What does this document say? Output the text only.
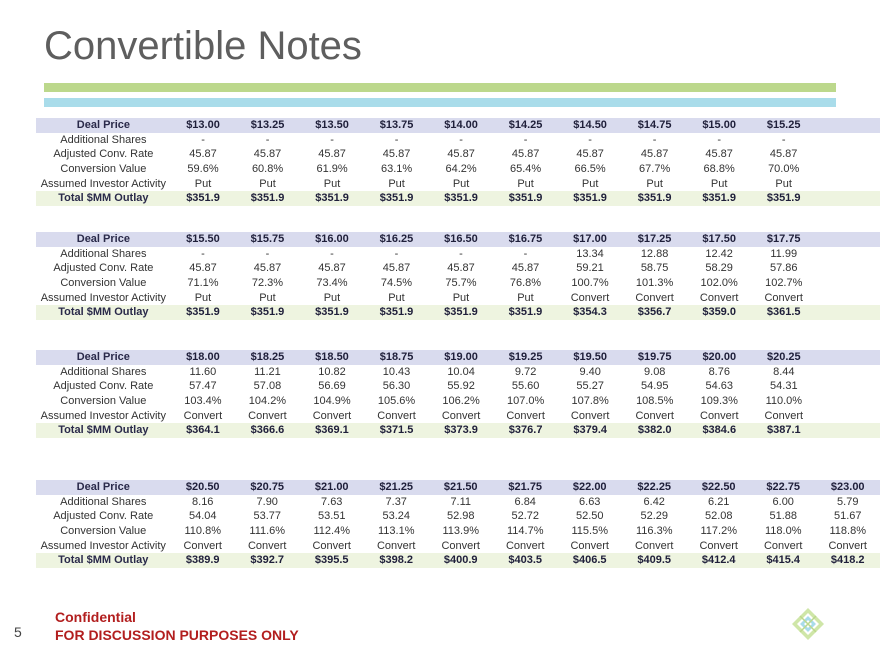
Convertible Notes
Deal Price	$13.00	$13.25	$13.50	$13.75	$14.00	$14.25	$14.50	$14.75	$15.00	$15.25	
Additional Shares	-	-	-	-	-	-	-	-	-	-	
Adjusted Conv. Rate	45.87	45.87	45.87	45.87	45.87	45.87	45.87	45.87	45.87	45.87	
Conversion Value	59.6%	60.8%	61.9%	63.1%	64.2%	65.4%	66.5%	67.7%	68.8%	70.0%	
Assumed Investor Activity	Put	Put	Put	Put	Put	Put	Put	Put	Put	Put	
Total $MM Outlay	$351.9	$351.9	$351.9	$351.9	$351.9	$351.9	$351.9	$351.9	$351.9	$351.9	
Deal Price	$15.50	$15.75	$16.00	$16.25	$16.50	$16.75	$17.00	$17.25	$17.50	$17.75	
Additional Shares	-	-	-	-	-	-	13.34	12.88	12.42	11.99	
Adjusted Conv. Rate	45.87	45.87	45.87	45.87	45.87	45.87	59.21	58.75	58.29	57.86	
Conversion Value	71.1%	72.3%	73.4%	74.5%	75.7%	76.8%	100.7%	101.3%	102.0%	102.7%	
Assumed Investor Activity	Put	Put	Put	Put	Put	Put	Convert	Convert	Convert	Convert	
Total $MM Outlay	$351.9	$351.9	$351.9	$351.9	$351.9	$351.9	$354.3	$356.7	$359.0	$361.5	
Deal Price	$18.00	$18.25	$18.50	$18.75	$19.00	$19.25	$19.50	$19.75	$20.00	$20.25	
Additional Shares	11.60	11.21	10.82	10.43	10.04	9.72	9.40	9.08	8.76	8.44	
Adjusted Conv. Rate	57.47	57.08	56.69	56.30	55.92	55.60	55.27	54.95	54.63	54.31	
Conversion Value	103.4%	104.2%	104.9%	105.6%	106.2%	107.0%	107.8%	108.5%	109.3%	110.0%	
Assumed Investor Activity	Convert	Convert	Convert	Convert	Convert	Convert	Convert	Convert	Convert	Convert	
Total $MM Outlay	$364.1	$366.6	$369.1	$371.5	$373.9	$376.7	$379.4	$382.0	$384.6	$387.1	
Deal Price	$20.50	$20.75	$21.00	$21.25	$21.50	$21.75	$22.00	$22.25	$22.50	$22.75	$23.00
Additional Shares	8.16	7.90	7.63	7.37	7.11	6.84	6.63	6.42	6.21	6.00	5.79
Adjusted Conv. Rate	54.04	53.77	53.51	53.24	52.98	52.72	52.50	52.29	52.08	51.88	51.67
Conversion Value	110.8%	111.6%	112.4%	113.1%	113.9%	114.7%	115.5%	116.3%	117.2%	118.0%	118.8%
Assumed Investor Activity	Convert	Convert	Convert	Convert	Convert	Convert	Convert	Convert	Convert	Convert	Convert
Total $MM Outlay	$389.9	$392.7	$395.5	$398.2	$400.9	$403.5	$406.5	$409.5	$412.4	$415.4	$418.2
Confidential
FOR DISCUSSION PURPOSES ONLY
5
